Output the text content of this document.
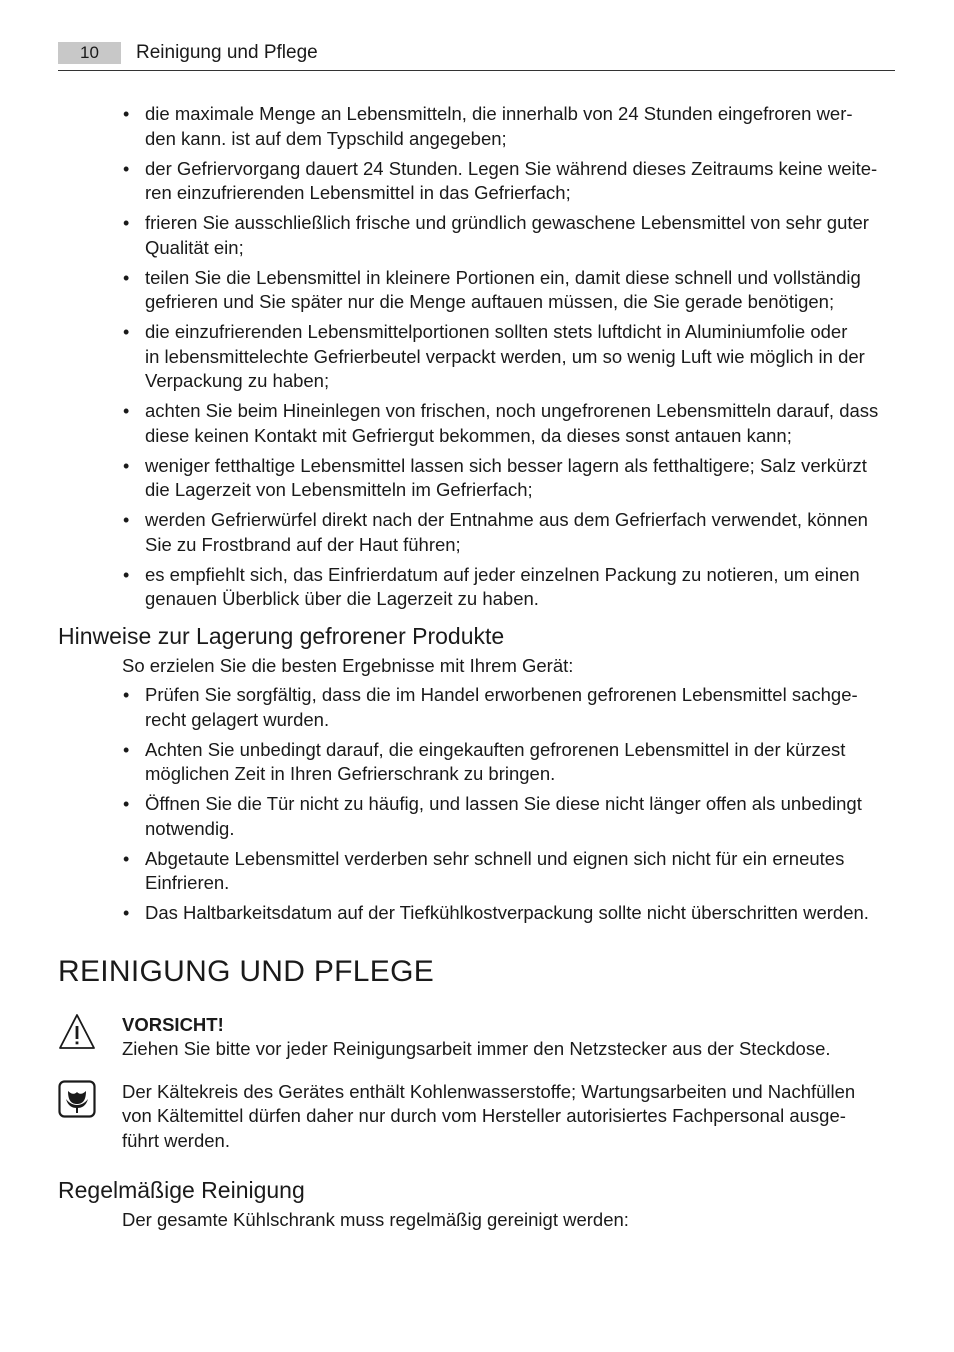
10	Reinigung und Pflege
• die maximale Menge an Lebensmitteln, die innerhalb von 24 Stunden eingefroren wer-
den kann. ist auf dem Typschild angegeben;
• der Gefriervorgang dauert 24 Stunden. Legen Sie während dieses Zeitraums keine weite-
ren einzufrierenden Lebensmittel in das Gefrierfach;
• frieren Sie ausschließlich frische und gründlich gewaschene Lebensmittel von sehr guter
Qualität ein;
• teilen Sie die Lebensmittel in kleinere Portionen ein, damit diese schnell und vollständig
gefrieren und Sie später nur die Menge auftauen müssen, die Sie gerade benötigen;
• die einzufrierenden Lebensmittelportionen sollten stets luftdicht in Aluminiumfolie oder
in lebensmittelechte Gefrierbeutel verpackt werden, um so wenig Luft wie möglich in der
Verpackung zu haben;
• achten Sie beim Hineinlegen von frischen, noch ungefrorenen Lebensmitteln darauf, dass
diese keinen Kontakt mit Gefriergut bekommen, da dieses sonst antauen kann;
• weniger fetthaltige Lebensmittel lassen sich besser lagern als fetthaltigere; Salz verkürzt
die Lagerzeit von Lebensmitteln im Gefrierfach;
• werden Gefrierwürfel direkt nach der Entnahme aus dem Gefrierfach verwendet, können
Sie zu Frostbrand auf der Haut führen;
• es empfiehlt sich, das Einfrierdatum auf jeder einzelnen Packung zu notieren, um einen
genauen Überblick über die Lagerzeit zu haben.
Hinweise zur Lagerung gefrorener Produkte

So erzielen Sie die besten Ergebnisse mit Ihrem Gerät:

• Prüfen Sie sorgfältig, dass die im Handel erworbenen gefrorenen Lebensmittel sachge-
recht gelagert wurden.
• Achten Sie unbedingt darauf, die eingekauften gefrorenen Lebensmittel in der kürzest
möglichen Zeit in Ihren Gefrierschrank zu bringen.
• Öffnen Sie die Tür nicht zu häufig, und lassen Sie diese nicht länger offen als unbedingt
notwendig.
• Abgetaute Lebensmittel verderben sehr schnell und eignen sich nicht für ein erneutes
Einfrieren.
• Das Haltbarkeitsdatum auf der Tiefkühlkostverpackung sollte nicht überschritten werden.
REINIGUNG UND PFLEGE
VORSICHT!
Ziehen Sie bitte vor jeder Reinigungsarbeit immer den Netzstecker aus der Steckdose.
Der Kältekreis des Gerätes enthält Kohlenwasserstoffe; Wartungsarbeiten und Nachfüllen
von Kältemittel dürfen daher nur durch vom Hersteller autorisiertes Fachpersonal ausge-
führt werden.
Regelmäßige Reinigung

Der gesamte Kühlschrank muss regelmäßig gereinigt werden:
